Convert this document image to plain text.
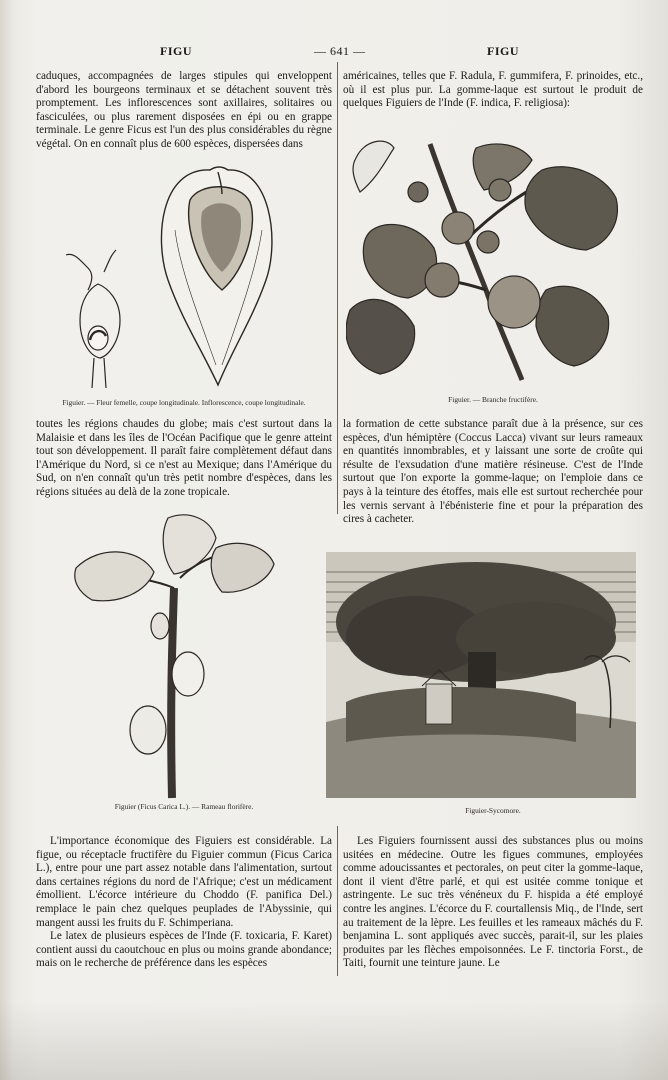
FIGU	— 641 —	FIGU

caduques, accompagnées de larges stipules qui enveloppent d'abord les bourgeons terminaux et se détachent souvent très promptement. Les inflorescences sont axillaires, solitaires ou fasciculées, ou plus rarement disposées en épi ou en grappe terminale. Le genre Ficus est l'un des plus considérables du règne végétal. On en connaît plus de 600 espèces, dispersées dans

américaines, telles que F. Radula, F. gummifera, F. prinoides, etc., où il est plus pur. La gomme-laque est surtout le produit de quelques Figuiers de l'Inde (F. indica, F. religiosa):

Figuier. — Fleur femelle, coupe longitudinale. Inflorescence, coupe longitudinale.	Figuier. — Branche fructifère.

toutes les régions chaudes du globe; mais c'est surtout dans la Malaisie et dans les îles de l'Océan Pacifique que le genre atteint tout son développement. Il paraît faire complètement défaut dans l'Amérique du Nord, si ce n'est au Mexique; dans l'Amérique du Sud, on n'en connaît qu'un très petit nombre d'espèces, dans les régions situées au delà de la zone tropicale.

la formation de cette substance paraît due à la présence, sur ces espèces, d'un hémiptère (Coccus Lacca) vivant sur leurs rameaux en quantités innombrables, et y laissant une sorte de croûte qui résulte de l'exsudation d'une matière résineuse. C'est de l'Inde surtout que l'on exporte la gomme-laque; on l'emploie dans ce pays à la teinture des étoffes, mais elle est surtout recherchée pour les vernis servant à l'ébénisterie fine et pour la préparation des cires à cacheter.

Figuier (Ficus Carica L.). — Rameau florifère.	Figuier-Sycomore.

L'importance économique des Figuiers est considérable. La figue, ou réceptacle fructifère du Figuier commun (Ficus Carica L.), entre pour une part assez notable dans l'alimentation, surtout dans certaines régions du nord de l'Afrique; c'est un médicament émollient. L'écorce intérieure du Choddo (F. panifica Del.) remplace le pain chez quelques peuplades de l'Abyssinie, qui mangent aussi les fruits du F. Schimperiana.

Le latex de plusieurs espèces de l'Inde (F. toxicaria, F. Karet) contient aussi du caoutchouc en plus ou moins grande abondance; mais on le recherche de préférence dans les espèces

Les Figuiers fournissent aussi des substances plus ou moins usitées en médecine. Outre les figues communes, employées comme adoucissantes et pectorales, on peut citer la gomme-laque, dont il vient d'être parlé, et qui est usitée comme tonique et astringente. Le suc très vénéneux du F. hispida a été employé contre les angines. L'écorce du F. courtallensis Miq., de l'Inde, sert au traitement de la lèpre. Les feuilles et les rameaux mâchés du F. benjamina L. sont appliqués avec succès, parait-il, sur les plaies produites par les flèches empoisonnées. Le F. tinctoria Forst., de Taiti, fournit une teinture jaune. Le
